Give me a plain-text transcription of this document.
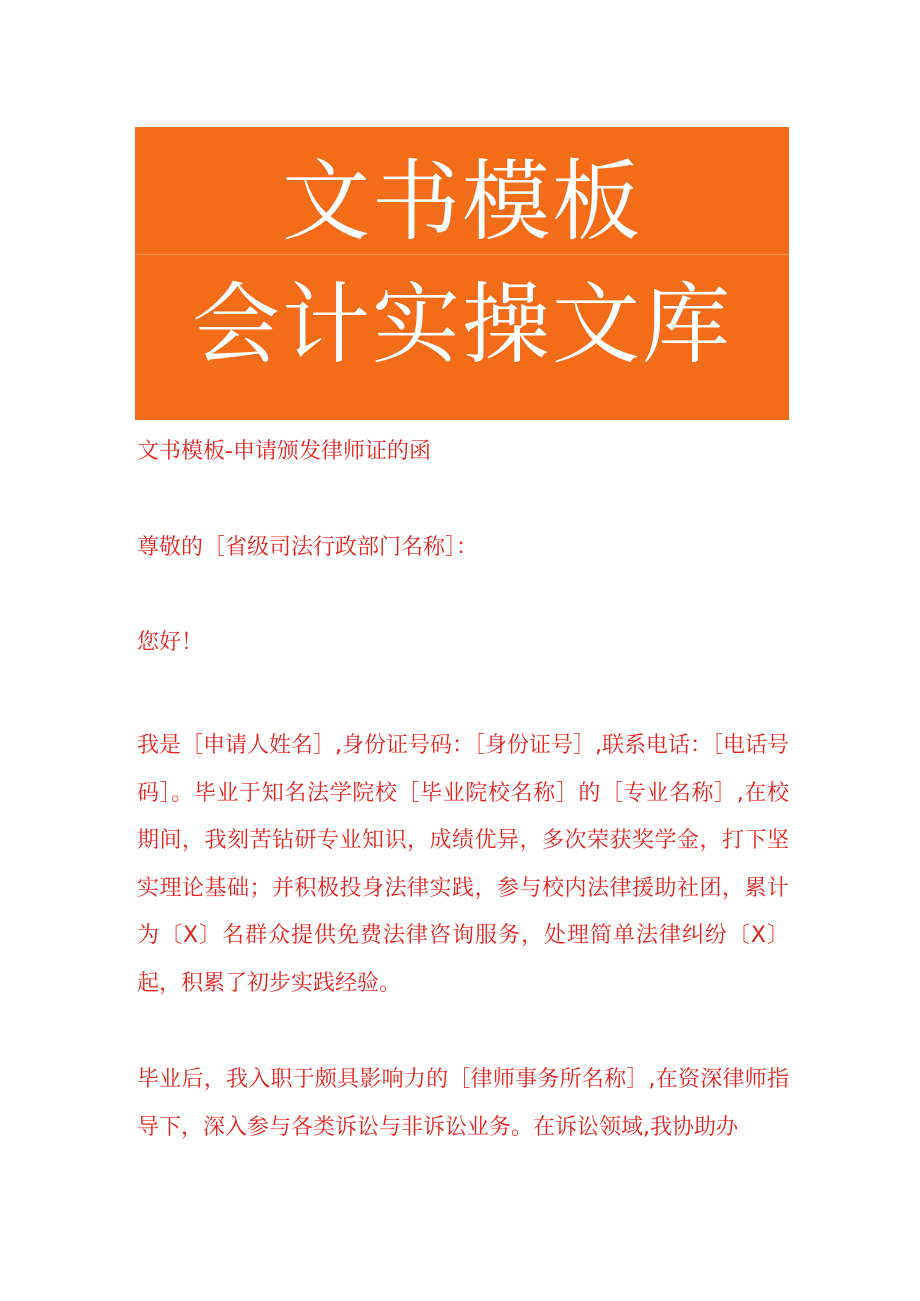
文书模板
会计实操文库
文书模板-申请颁发律师证的函
尊敬的［省级司法行政部门名称］：
您好！

我是［申请人姓名］,身份证号码：［身份证号］,联系电话：［电话号码］。毕业于知名法学院校［毕业院校名称］的［专业名称］,在校期间，我刻苦钻研专业知识，成绩优异，多次荣获奖学金，打下坚实理论基础；并积极投身法律实践，参与校内法律援助社团，累计为〔X〕名群众提供免费法律咨询服务，处理简单法律纠纷〔X〕起，积累了初步实践经验。

毕业后，我入职于颇具影响力的［律师事务所名称］,在资深律师指导下，深入参与各类诉讼与非诉讼业务。在诉讼领域,我协助办
